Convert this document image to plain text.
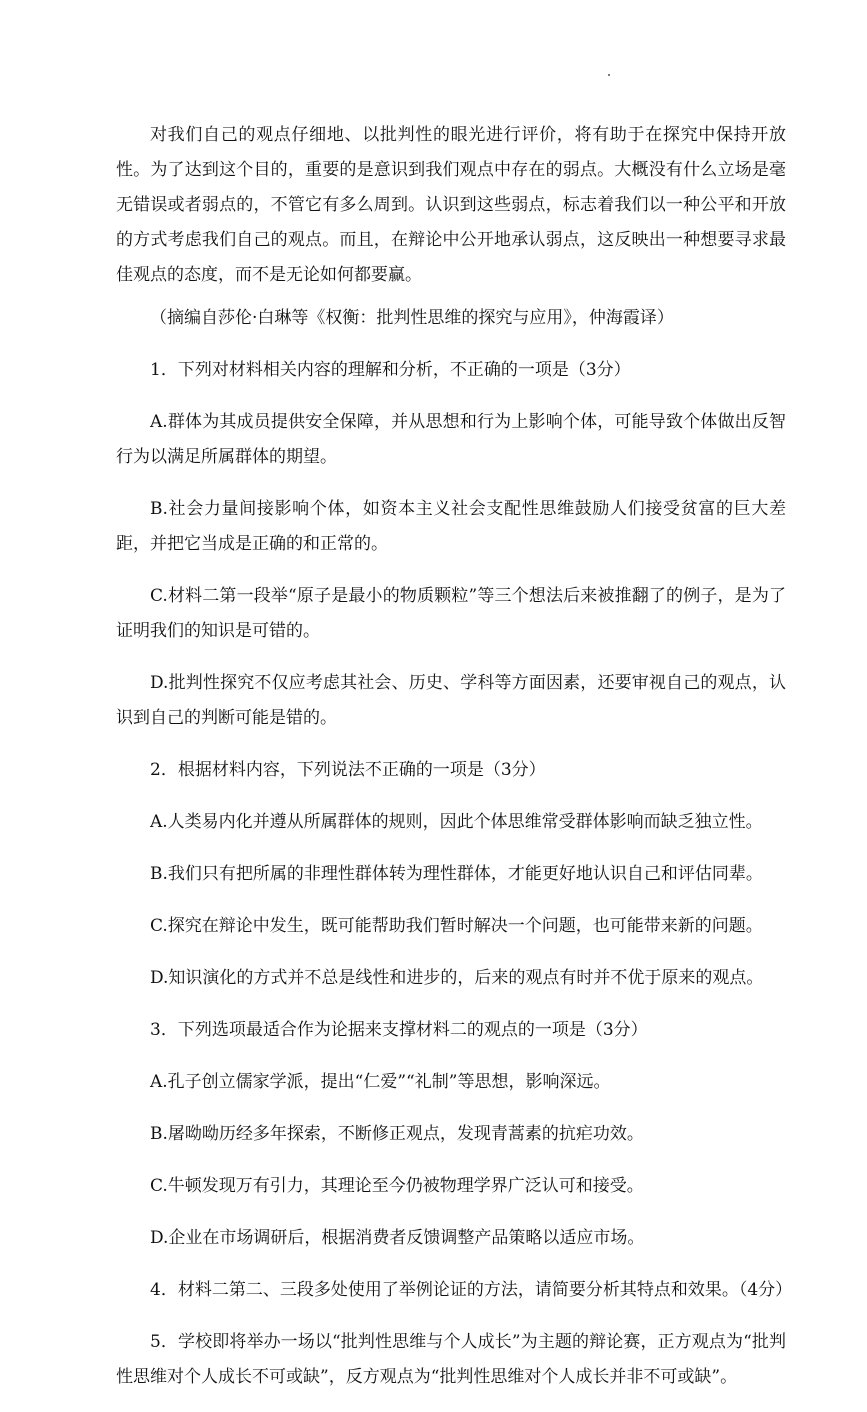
对我们自己的观点仔细地、以批判性的眼光进行评价，将有助于在探究中保持开放性。为了达到这个目的，重要的是意识到我们观点中存在的弱点。大概没有什么立场是毫无错误或者弱点的，不管它有多么周到。认识到这些弱点，标志着我们以一种公平和开放的方式考虑我们自己的观点。而且，在辩论中公开地承认弱点，这反映出一种想要寻求最佳观点的态度，而不是无论如何都要赢。

（摘编自莎伦·白琳等《权衡：批判性思维的探究与应用》，仲海霞译）

1．下列对材料相关内容的理解和分析，不正确的一项是（3分）

A.群体为其成员提供安全保障，并从思想和行为上影响个体，可能导致个体做出反智行为以满足所属群体的期望。

B.社会力量间接影响个体，如资本主义社会支配性思维鼓励人们接受贫富的巨大差距，并把它当成是正确的和正常的。

C.材料二第一段举“原子是最小的物质颗粒”等三个想法后来被推翻了的例子，是为了证明我们的知识是可错的。

D.批判性探究不仅应考虑其社会、历史、学科等方面因素，还要审视自己的观点，认识到自己的判断可能是错的。

2．根据材料内容，下列说法不正确的一项是（3分）

A.人类易内化并遵从所属群体的规则，因此个体思维常受群体影响而缺乏独立性。

B.我们只有把所属的非理性群体转为理性群体，才能更好地认识自己和评估同辈。

C.探究在辩论中发生，既可能帮助我们暂时解决一个问题，也可能带来新的问题。

D.知识演化的方式并不总是线性和进步的，后来的观点有时并不优于原来的观点。

3．下列选项最适合作为论据来支撑材料二的观点的一项是（3分）

A.孔子创立儒家学派，提出“仁爱”“礼制”等思想，影响深远。

B.屠呦呦历经多年探索，不断修正观点，发现青蒿素的抗疟功效。

C.牛顿发现万有引力，其理论至今仍被物理学界广泛认可和接受。

D.企业在市场调研后，根据消费者反馈调整产品策略以适应市场。

4．材料二第二、三段多处使用了举例论证的方法，请简要分析其特点和效果。（4分）

5．学校即将举办一场以“批判性思维与个人成长”为主题的辩论赛，正方观点为“批判性思维对个人成长不可或缺”，反方观点为“批判性思维对个人成长并非不可或缺”。
